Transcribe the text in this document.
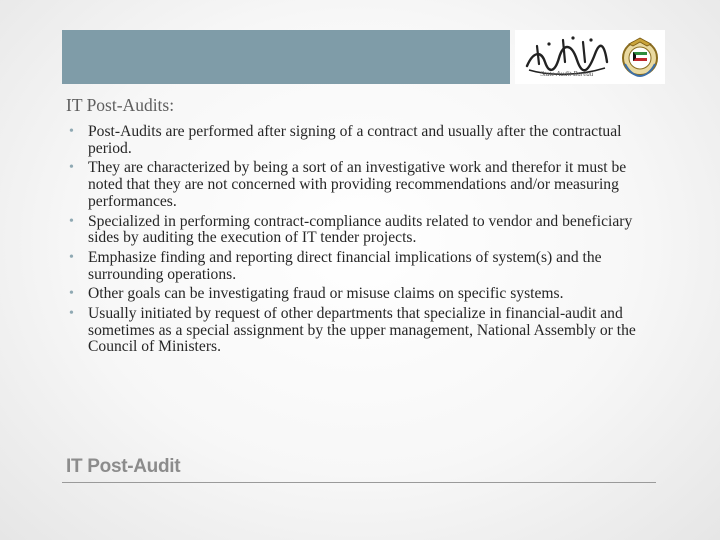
State Audit Bureau
IT Post-Audits:
• Post-Audits are performed after signing of a contract and usually after the contractual period.
• They are characterized by being a sort of an investigative work and therefor it must be noted that they are not concerned with providing recommendations and/or measuring performances.
• Specialized in performing contract-compliance audits related to vendor and beneficiary sides by auditing the execution of IT tender projects.
• Emphasize finding and reporting direct financial implications of system(s) and the surrounding operations.
• Other goals can be investigating fraud or misuse claims on specific systems.
• Usually initiated by request of other departments that specialize in financial-audit and sometimes as a special assignment by the upper management, National Assembly or the Council of Ministers.
IT Post-Audit
